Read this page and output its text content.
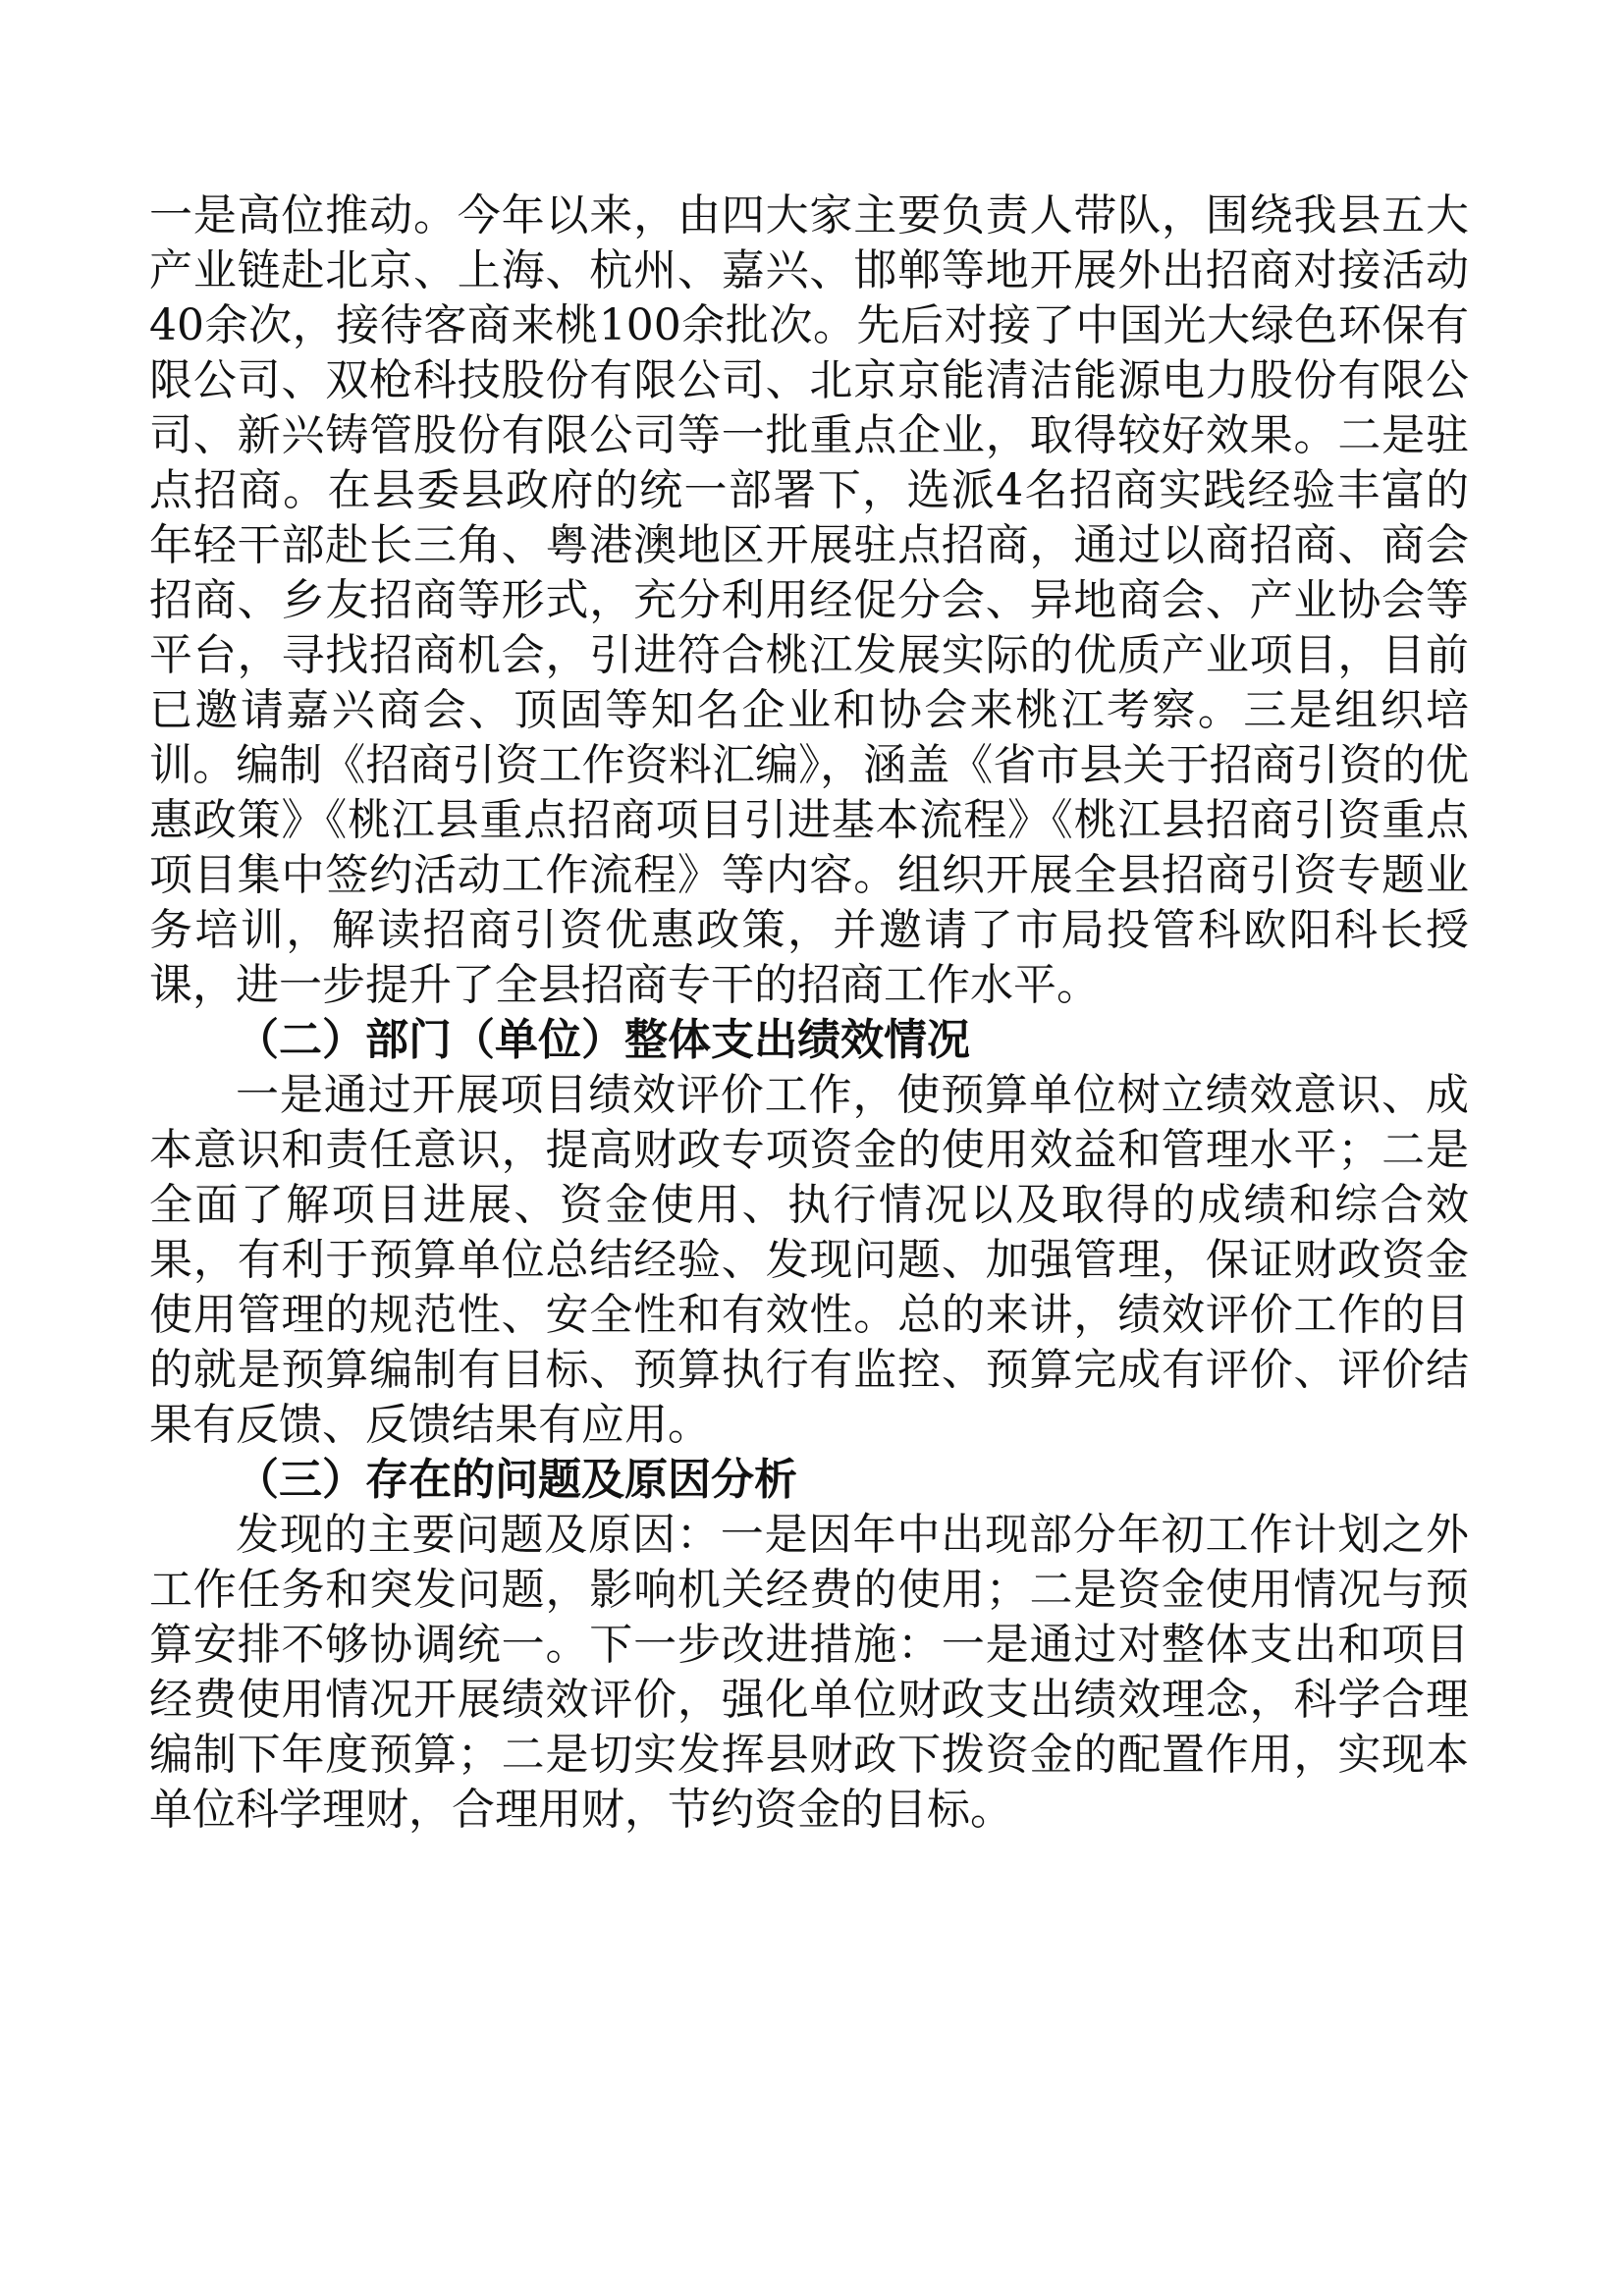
一是高位推动。今年以来，由四大家主要负责人带队，围绕我县五大产业链赴北京、上海、杭州、嘉兴、邯郸等地开展外出招商对接活动40余次，接待客商来桃100余批次。先后对接了中国光大绿色环保有限公司、双枪科技股份有限公司、北京京能清洁能源电力股份有限公司、新兴铸管股份有限公司等一批重点企业，取得较好效果。二是驻点招商。在县委县政府的统一部署下，选派4名招商实践经验丰富的年轻干部赴长三角、粤港澳地区开展驻点招商，通过以商招商、商会招商、乡友招商等形式，充分利用经促分会、异地商会、产业协会等平台，寻找招商机会，引进符合桃江发展实际的优质产业项目，目前已邀请嘉兴商会、顶固等知名企业和协会来桃江考察。三是组织培训。编制《招商引资工作资料汇编》，涵盖《省市县关于招商引资的优惠政策》《桃江县重点招商项目引进基本流程》《桃江县招商引资重点项目集中签约活动工作流程》等内容。组织开展全县招商引资专题业务培训，解读招商引资优惠政策，并邀请了市局投管科欧阳科长授课，进一步提升了全县招商专干的招商工作水平。

（二）部门（单位）整体支出绩效情况

一是通过开展项目绩效评价工作，使预算单位树立绩效意识、成本意识和责任意识，提高财政专项资金的使用效益和管理水平；二是全面了解项目进展、资金使用、执行情况以及取得的成绩和综合效果，有利于预算单位总结经验、发现问题、加强管理，保证财政资金使用管理的规范性、安全性和有效性。总的来讲，绩效评价工作的目的就是预算编制有目标、预算执行有监控、预算完成有评价、评价结果有反馈、反馈结果有应用。

（三）存在的问题及原因分析

发现的主要问题及原因：一是因年中出现部分年初工作计划之外工作任务和突发问题，影响机关经费的使用；二是资金使用情况与预算安排不够协调统一。下一步改进措施：一是通过对整体支出和项目经费使用情况开展绩效评价，强化单位财政支出绩效理念，科学合理编制下年度预算；二是切实发挥县财政下拨资金的配置作用，实现本单位科学理财，合理用财，节约资金的目标。
